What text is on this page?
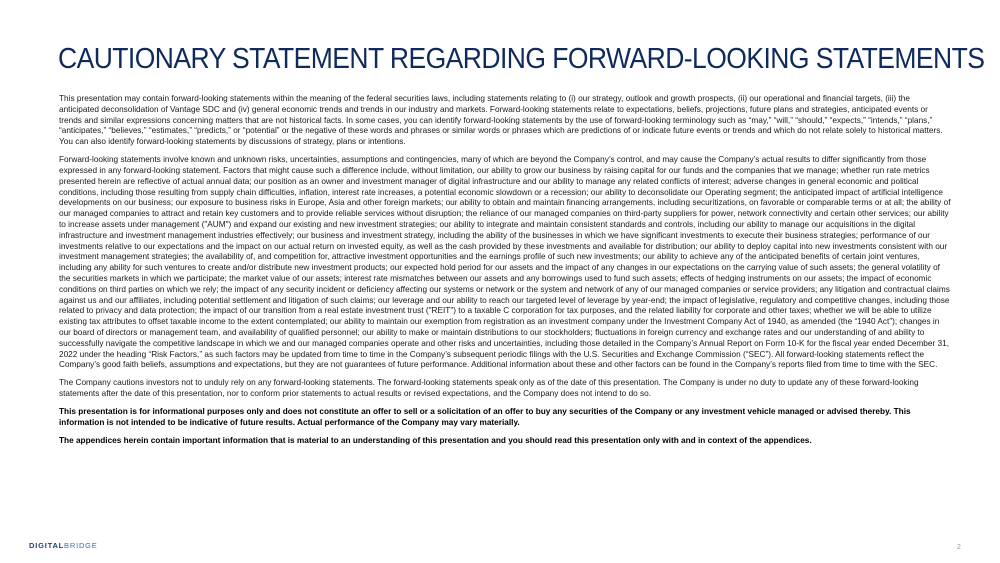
CAUTIONARY STATEMENT REGARDING FORWARD-LOOKING STATEMENTS

This presentation may contain forward-looking statements within the meaning of the federal securities laws, including statements relating to (i) our strategy, outlook and growth prospects, (ii) our operational and financial targets, (iii) the anticipated deconsolidation of Vantage SDC and (iv) general economic trends and trends in our industry and markets. Forward-looking statements relate to expectations, beliefs, projections, future plans and strategies, anticipated events or trends and similar expressions concerning matters that are not historical facts. In some cases, you can identify forward-looking statements by the use of forward-looking terminology such as “may,” “will,” “should,” “expects,” “intends,” “plans,” “anticipates,” “believes,” “estimates,” “predicts,” or “potential” or the negative of these words and phrases or similar words or phrases which are predictions of or indicate future events or trends and which do not relate solely to historical matters. You can also identify forward-looking statements by discussions of strategy, plans or intentions.

Forward-looking statements involve known and unknown risks, uncertainties, assumptions and contingencies, many of which are beyond the Company’s control, and may cause the Company’s actual results to differ significantly from those expressed in any forward-looking statement. Factors that might cause such a difference include, without limitation, our ability to grow our business by raising capital for our funds and the companies that we manage; whether run rate metrics presented herein are reflective of actual annual data; our position as an owner and investment manager of digital infrastructure and our ability to manage any related conflicts of interest; adverse changes in general economic and political conditions, including those resulting from supply chain difficulties, inflation, interest rate increases, a potential economic slowdown or a recession; our ability to deconsolidate our Operating segment; the anticipated impact of artificial intelligence developments on our business; our exposure to business risks in Europe, Asia and other foreign markets; our ability to obtain and maintain financing arrangements, including securitizations, on favorable or comparable terms or at all; the ability of our managed companies to attract and retain key customers and to provide reliable services without disruption; the reliance of our managed companies on third-party suppliers for power, network connectivity and certain other services; our ability to increase assets under management ("AUM") and expand our existing and new investment strategies; our ability to integrate and maintain consistent standards and controls, including our ability to manage our acquisitions in the digital infrastructure and investment management industries effectively; our business and investment strategy, including the ability of the businesses in which we have significant investments to execute their business strategies; performance of our investments relative to our expectations and the impact on our actual return on invested equity, as well as the cash provided by these investments and available for distribution; our ability to deploy capital into new investments consistent with our investment management strategies; the availability of, and competition for, attractive investment opportunities and the earnings profile of such new investments; our ability to achieve any of the anticipated benefits of certain joint ventures, including any ability for such ventures to create and/or distribute new investment products; our expected hold period for our assets and the impact of any changes in our expectations on the carrying value of such assets; the general volatility of the securities markets in which we participate; the market value of our assets; interest rate mismatches between our assets and any borrowings used to fund such assets; effects of hedging instruments on our assets; the impact of economic conditions on third parties on which we rely; the impact of any security incident or deficiency affecting our systems or network or the system and network of any of our managed companies or service providers; any litigation and contractual claims against us and our affiliates, including potential settlement and litigation of such claims; our leverage and our ability to reach our targeted level of leverage by year-end; the impact of legislative, regulatory and competitive changes, including those related to privacy and data protection; the impact of our transition from a real estate investment trust ("REIT") to a taxable C corporation for tax purposes, and the related liability for corporate and other taxes; whether we will be able to utilize existing tax attributes to offset taxable income to the extent contemplated; our ability to maintain our exemption from registration as an investment company under the Investment Company Act of 1940, as amended (the “1940 Act”); changes in our board of directors or management team, and availability of qualified personnel; our ability to make or maintain distributions to our stockholders; fluctuations in foreign currency and exchange rates and our understanding of and ability to successfully navigate the competitive landscape in which we and our managed companies operate and other risks and uncertainties, including those detailed in the Company’s Annual Report on Form 10-K for the fiscal year ended December 31, 2022 under the heading “Risk Factors,” as such factors may be updated from time to time in the Company’s subsequent periodic filings with the U.S. Securities and Exchange Commission (“SEC”). All forward-looking statements reflect the Company’s good faith beliefs, assumptions and expectations, but they are not guarantees of future performance. Additional information about these and other factors can be found in the Company’s reports filed from time to time with the SEC.

The Company cautions investors not to unduly rely on any forward-looking statements. The forward-looking statements speak only as of the date of this presentation. The Company is under no duty to update any of these forward-looking statements after the date of this presentation, nor to conform prior statements to actual results or revised expectations, and the Company does not intend to do so.

This presentation is for informational purposes only and does not constitute an offer to sell or a solicitation of an offer to buy any securities of the Company or any investment vehicle managed or advised thereby. This information is not intended to be indicative of future results. Actual performance of the Company may vary materially.

The appendices herein contain important information that is material to an understanding of this presentation and you should read this presentation only with and in context of the appendices.

DIGITALBRIDGE	2
